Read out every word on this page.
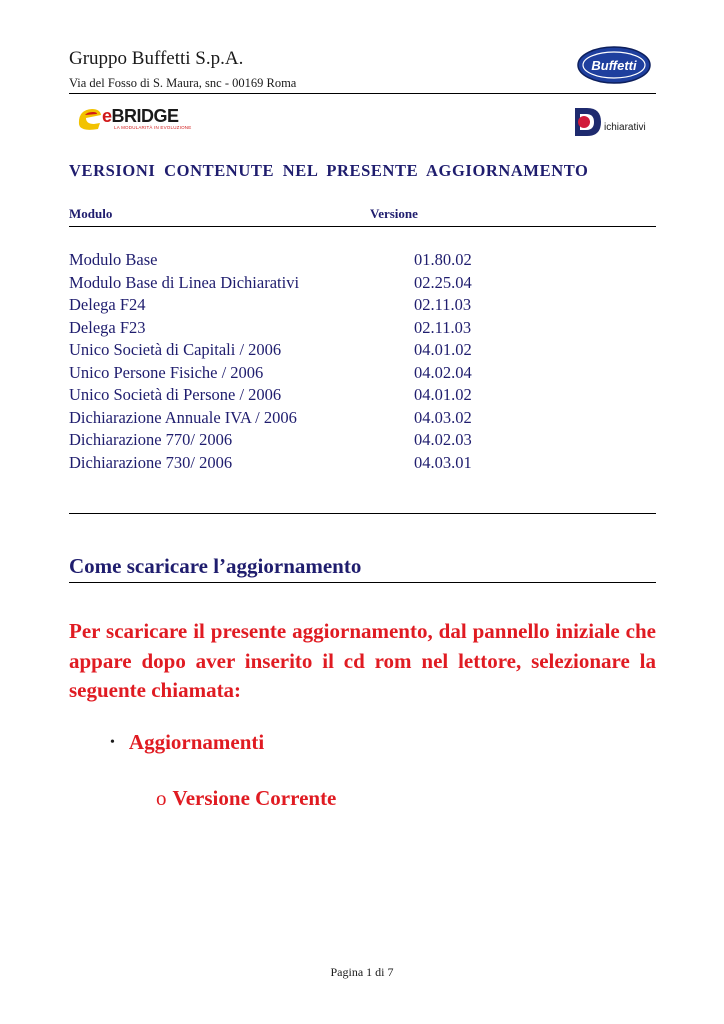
Gruppo Buffetti S.p.A.
Via del Fosso di S. Maura, snc - 00169 Roma
Buffetti
eBRIDGE
LA MODULARITÀ IN EVOLUZIONE
D
ichiarativi
VERSIONI CONTENUTE NEL PRESENTE AGGIORNAMENTO
Modulo	Versione
Modulo Base	01.80.02
Modulo Base di Linea Dichiarativi	02.25.04
Delega F24	02.11.03
Delega F23	02.11.03
Unico Società di Capitali / 2006	04.01.02
Unico Persone Fisiche / 2006	04.02.04
Unico Società di Persone / 2006	04.01.02
Dichiarazione Annuale IVA / 2006	04.03.02
Dichiarazione 770/ 2006	04.02.03
Dichiarazione 730/ 2006	04.03.01
Come scaricare l’aggiornamento
Per scaricare il presente aggiornamento, dal pannello iniziale che appare dopo aver inserito il cd rom nel lettore, selezionare la seguente chiamata:
• Aggiornamenti
o Versione Corrente
Pagina 1 di 7
